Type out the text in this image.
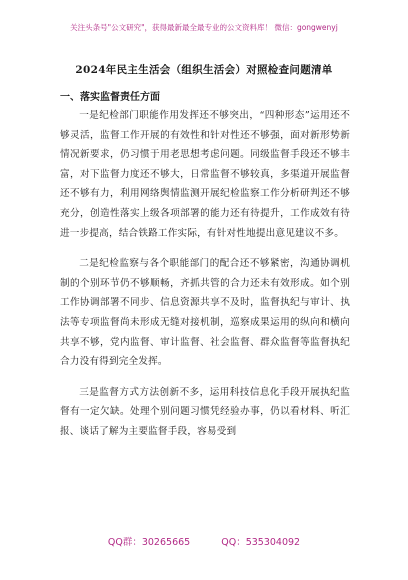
关注头条号"公文研究"，获得最新最全最专业的公文资料库！ 微信：gongwenyj
2024年民主生活会（组织生活会）对照检查问题清单
一、落实监督责任方面

一是纪检部门职能作用发挥还不够突出，“四种形态”运用还不够灵活，监督工作开展的有效性和针对性还不够强，面对新形势新情况新要求，仍习惯于用老思想考虑问题。同级监督手段还不够丰富，对下监督力度还不够大，日常监督不够较真，多渠道开展监督还不够有力，利用网络舆情监测开展纪检监察工作分析研判还不够充分，创造性落实上级各项部署的能力还有待提升，工作成效有待进一步提高，结合铁路工作实际，有针对性地提出意见建议不多。

二是纪检监察与各个职能部门的配合还不够紧密，沟通协调机制的个别环节仍不够顺畅，齐抓共管的合力还未有效形成。如个别工作协调部署不同步、信息资源共享不及时，监督执纪与审计、执法等专项监督尚未形成无缝对接机制，巡察成果运用的纵向和横向共享不够，党内监督、审计监督、社会监督、群众监督等监督执纪合力没有得到完全发挥。

三是监督方式方法创新不多，运用科技信息化手段开展执纪监督有一定欠缺。处理个别问题习惯凭经验办事，仍以看材料、听汇报、谈话了解为主要监督手段，容易受到

QQ群：30265665	QQ：535304092
